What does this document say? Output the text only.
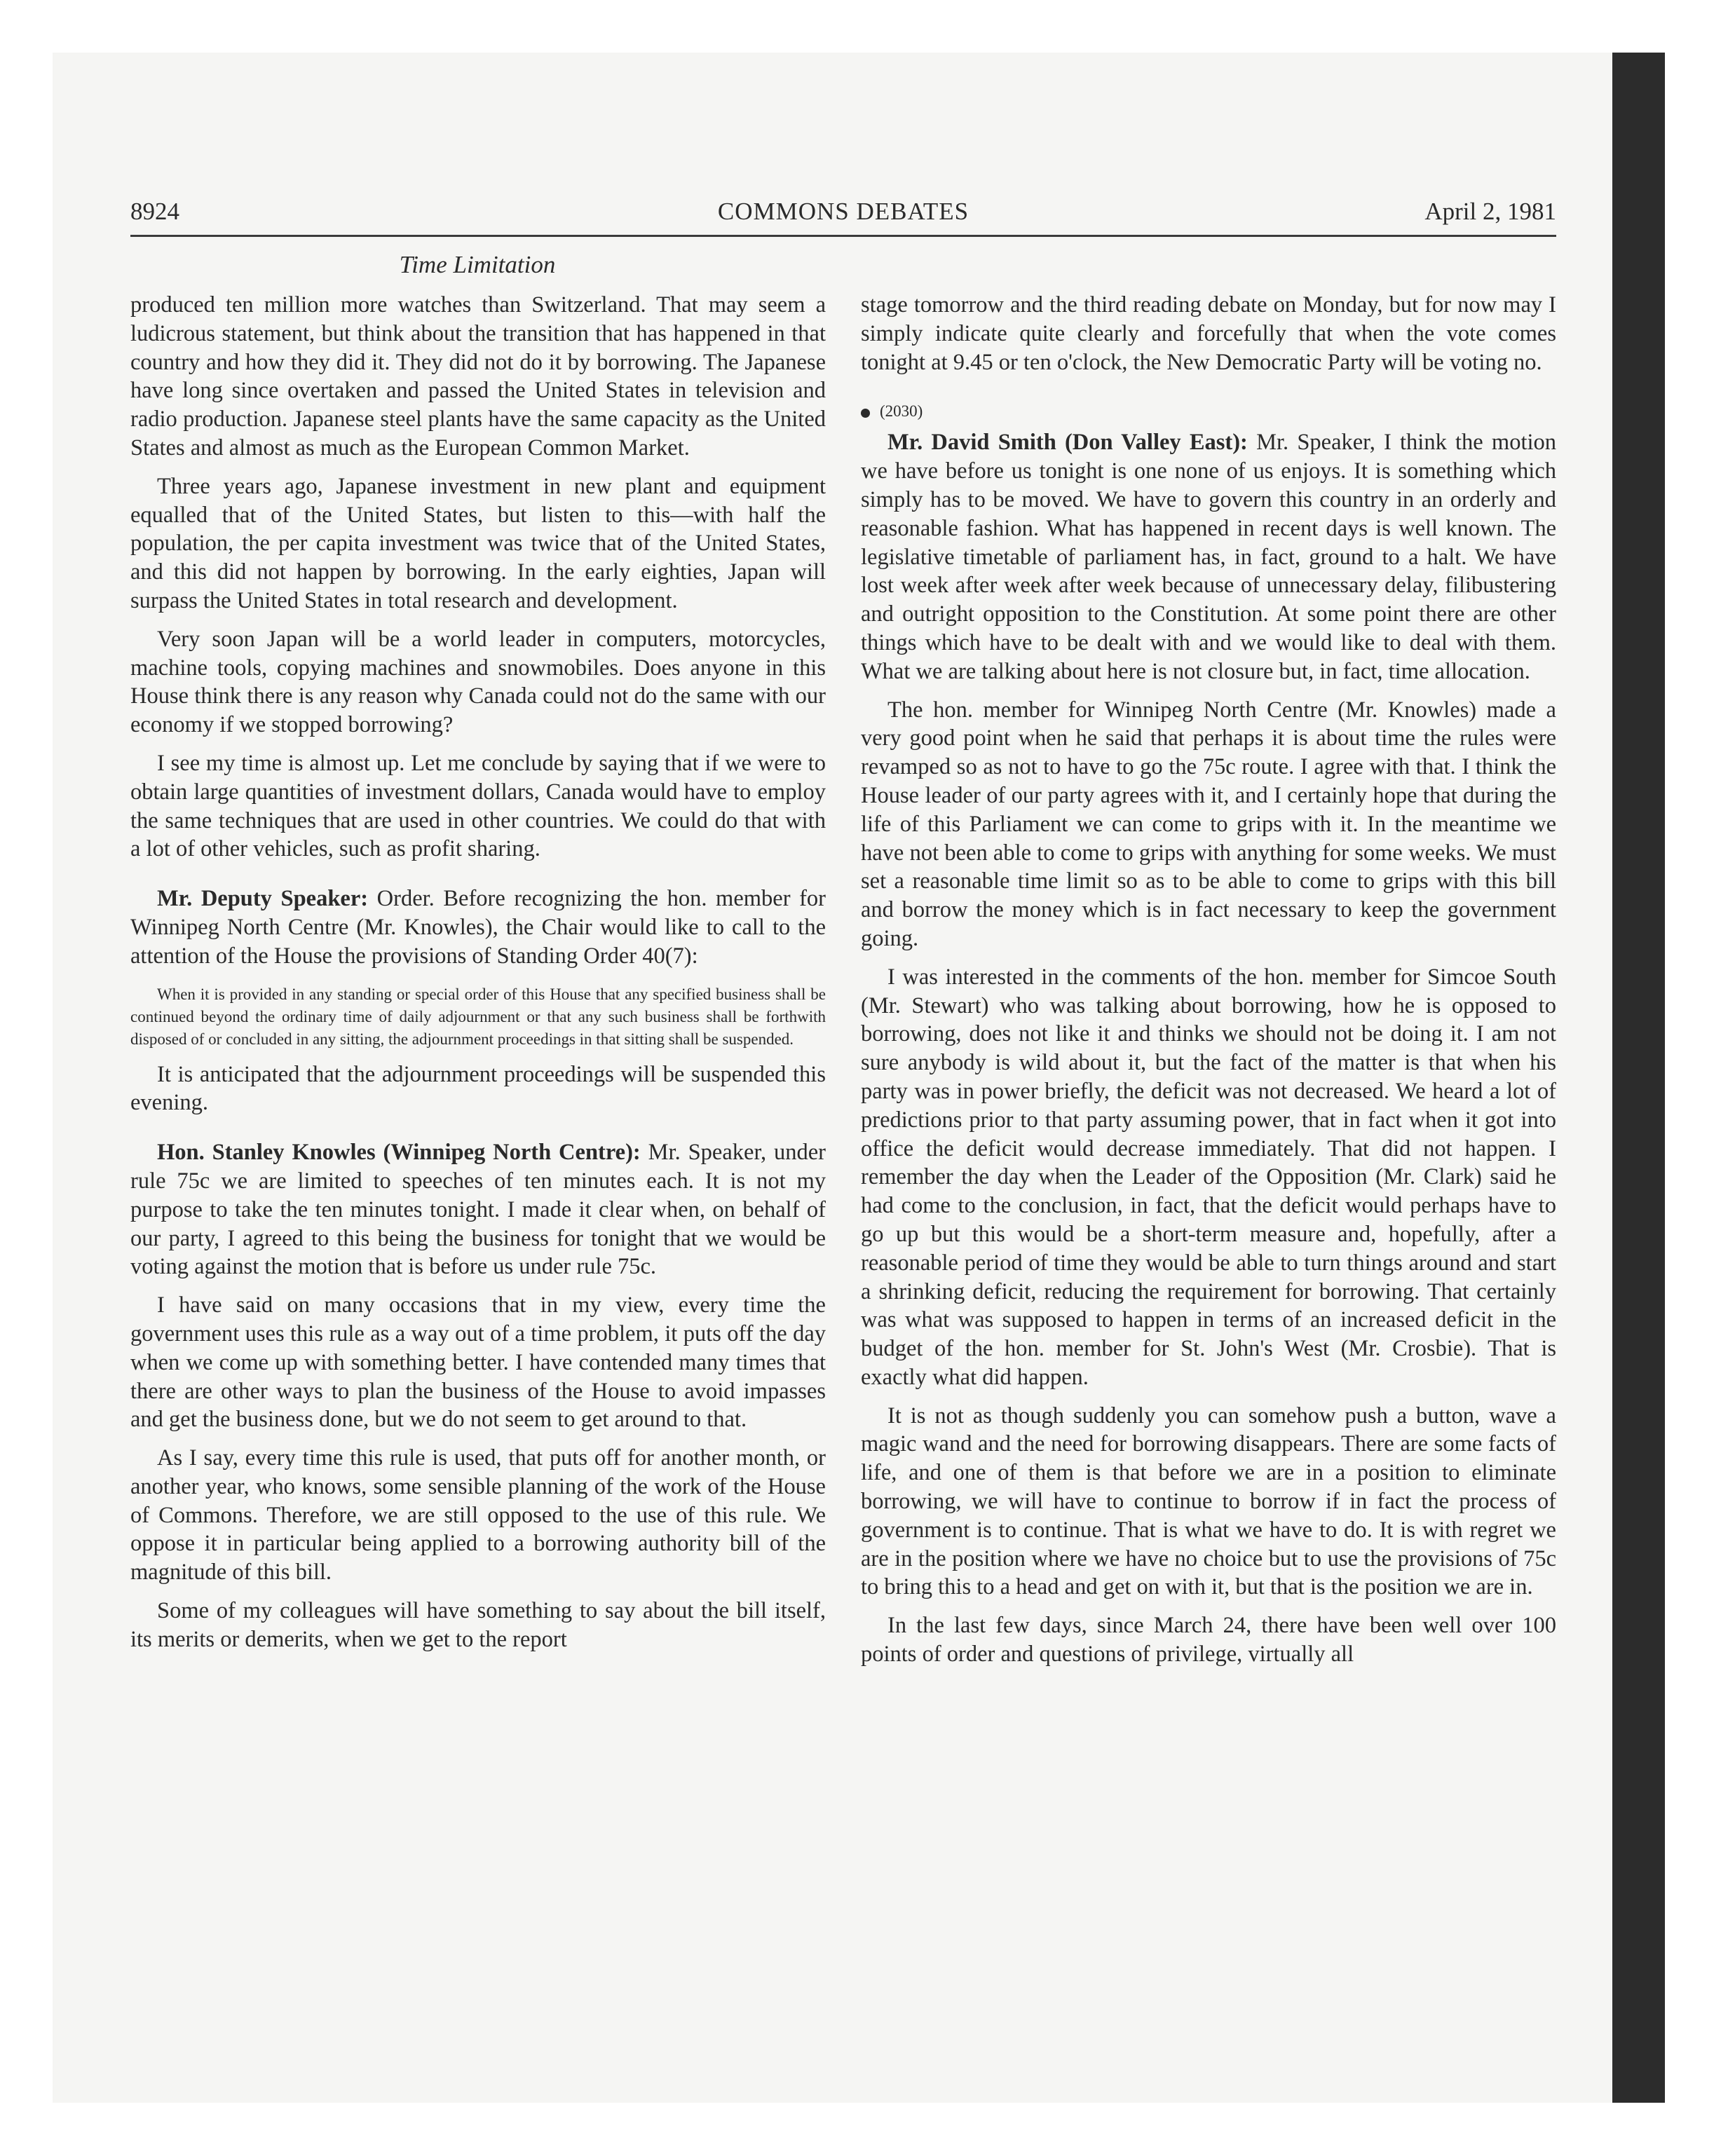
8924	COMMONS DEBATES	April 2, 1981
Time Limitation

produced ten million more watches than Switzerland. That may seem a ludicrous statement, but think about the transition that has happened in that country and how they did it. They did not do it by borrowing. The Japanese have long since overtaken and passed the United States in television and radio production. Japanese steel plants have the same capacity as the United States and almost as much as the European Common Market.

Three years ago, Japanese investment in new plant and equipment equalled that of the United States, but listen to this—with half the population, the per capita investment was twice that of the United States, and this did not happen by borrowing. In the early eighties, Japan will surpass the United States in total research and development.

Very soon Japan will be a world leader in computers, motorcycles, machine tools, copying machines and snowmobiles. Does anyone in this House think there is any reason why Canada could not do the same with our economy if we stopped borrowing?

I see my time is almost up. Let me conclude by saying that if we were to obtain large quantities of investment dollars, Canada would have to employ the same techniques that are used in other countries. We could do that with a lot of other vehicles, such as profit sharing.

Mr. Deputy Speaker: Order. Before recognizing the hon. member for Winnipeg North Centre (Mr. Knowles), the Chair would like to call to the attention of the House the provisions of Standing Order 40(7):

When it is provided in any standing or special order of this House that any specified business shall be continued beyond the ordinary time of daily adjournment or that any such business shall be forthwith disposed of or concluded in any sitting, the adjournment proceedings in that sitting shall be suspended.

It is anticipated that the adjournment proceedings will be suspended this evening.

Hon. Stanley Knowles (Winnipeg North Centre): Mr. Speaker, under rule 75c we are limited to speeches of ten minutes each. It is not my purpose to take the ten minutes tonight. I made it clear when, on behalf of our party, I agreed to this being the business for tonight that we would be voting against the motion that is before us under rule 75c.

I have said on many occasions that in my view, every time the government uses this rule as a way out of a time problem, it puts off the day when we come up with something better. I have contended many times that there are other ways to plan the business of the House to avoid impasses and get the business done, but we do not seem to get around to that.

As I say, every time this rule is used, that puts off for another month, or another year, who knows, some sensible planning of the work of the House of Commons. Therefore, we are still opposed to the use of this rule. We oppose it in particular being applied to a borrowing authority bill of the magnitude of this bill.

Some of my colleagues will have something to say about the bill itself, its merits or demerits, when we get to the report

stage tomorrow and the third reading debate on Monday, but for now may I simply indicate quite clearly and forcefully that when the vote comes tonight at 9.45 or ten o'clock, the New Democratic Party will be voting no.

(2030)

Mr. David Smith (Don Valley East): Mr. Speaker, I think the motion we have before us tonight is one none of us enjoys. It is something which simply has to be moved. We have to govern this country in an orderly and reasonable fashion. What has happened in recent days is well known. The legislative timetable of parliament has, in fact, ground to a halt. We have lost week after week after week because of unnecessary delay, filibustering and outright opposition to the Constitution. At some point there are other things which have to be dealt with and we would like to deal with them. What we are talking about here is not closure but, in fact, time allocation.

The hon. member for Winnipeg North Centre (Mr. Knowles) made a very good point when he said that perhaps it is about time the rules were revamped so as not to have to go the 75c route. I agree with that. I think the House leader of our party agrees with it, and I certainly hope that during the life of this Parliament we can come to grips with it. In the meantime we have not been able to come to grips with anything for some weeks. We must set a reasonable time limit so as to be able to come to grips with this bill and borrow the money which is in fact necessary to keep the government going.

I was interested in the comments of the hon. member for Simcoe South (Mr. Stewart) who was talking about borrowing, how he is opposed to borrowing, does not like it and thinks we should not be doing it. I am not sure anybody is wild about it, but the fact of the matter is that when his party was in power briefly, the deficit was not decreased. We heard a lot of predictions prior to that party assuming power, that in fact when it got into office the deficit would decrease immediately. That did not happen. I remember the day when the Leader of the Opposition (Mr. Clark) said he had come to the conclusion, in fact, that the deficit would perhaps have to go up but this would be a short-term measure and, hopefully, after a reasonable period of time they would be able to turn things around and start a shrinking deficit, reducing the requirement for borrowing. That certainly was what was supposed to happen in terms of an increased deficit in the budget of the hon. member for St. John's West (Mr. Crosbie). That is exactly what did happen.

It is not as though suddenly you can somehow push a button, wave a magic wand and the need for borrowing disappears. There are some facts of life, and one of them is that before we are in a position to eliminate borrowing, we will have to continue to borrow if in fact the process of government is to continue. That is what we have to do. It is with regret we are in the position where we have no choice but to use the provisions of 75c to bring this to a head and get on with it, but that is the position we are in.

In the last few days, since March 24, there have been well over 100 points of order and questions of privilege, virtually all
